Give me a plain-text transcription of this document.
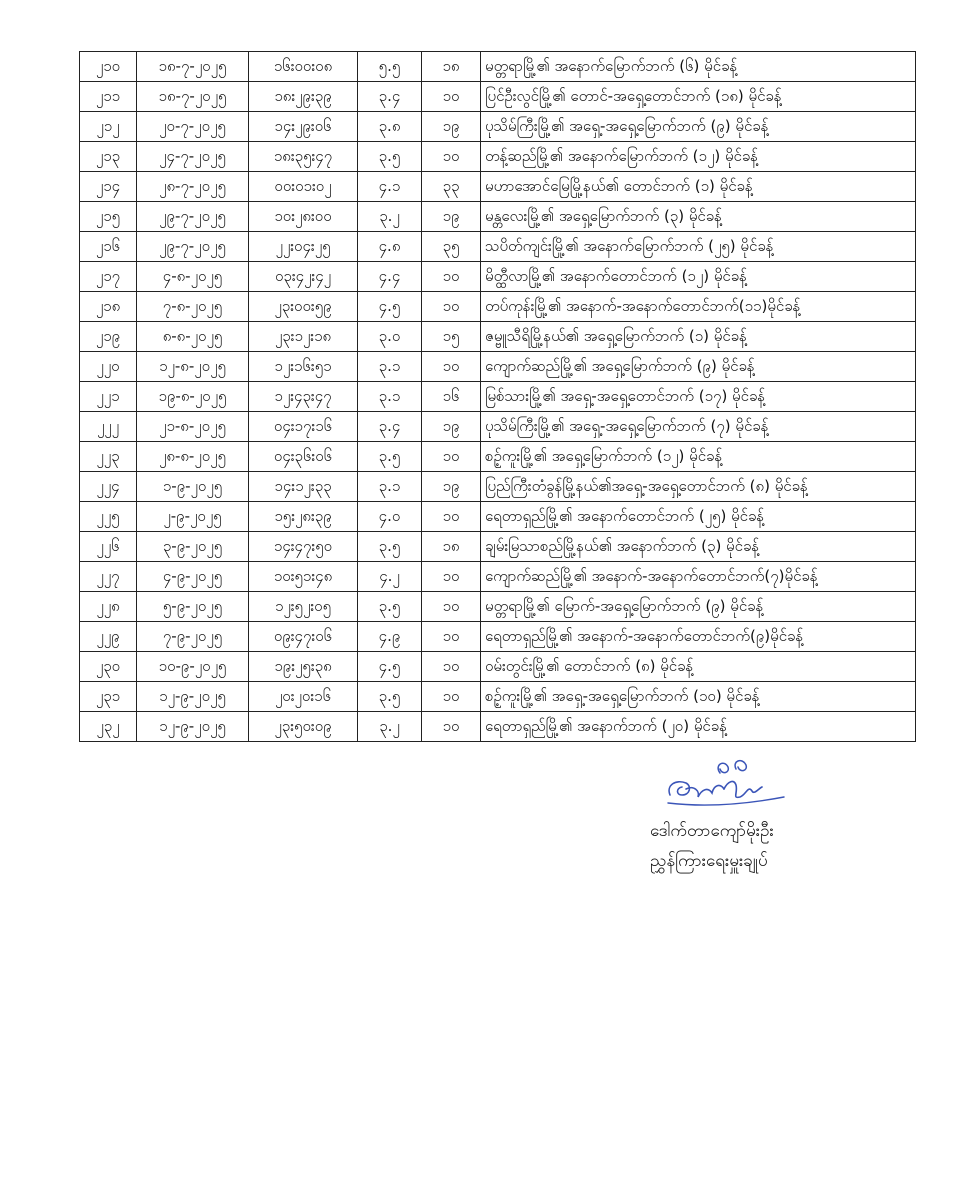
၂၁၀	၁၈-၇-၂၀၂၅	၁၆း၀၀း၀၈	၅.၅	၁၈	မတ္တရာမြို့၏ အနောက်မြောက်ဘက် (၆) မိုင်ခန့်
၂၁၁	၁၈-၇-၂၀၂၅	၁၈း၂၉း၃၉	၃.၄	၁၀	ပြင်ဦးလွင်မြို့၏ တောင်-အရှေ့တောင်ဘက် (၁၈) မိုင်ခန့်
၂၁၂	၂၀-၇-၂၀၂၅	၁၄း၂၉း၀၆	၃.၈	၁၉	ပုသိမ်ကြီးမြို့၏ အရှေ့-အရှေ့မြောက်ဘက် (၉) မိုင်ခန့်
၂၁၃	၂၄-၇-၂၀၂၅	၁၈း၃၅း၄၇	၃.၅	၁၀	တန့်ဆည်မြို့၏ အနောက်မြောက်ဘက် (၁၂) မိုင်ခန့်
၂၁၄	၂၈-၇-၂၀၂၅	၀၀း၀၁း၀၂	၄.၁	၃၃	မဟာအောင်မြေမြို့နယ်၏ တောင်ဘက် (၁) မိုင်ခန့်
၂၁၅	၂၉-၇-၂၀၂၅	၁၀း၂၈း၀၀	၃.၂	၁၉	မန္တလေးမြို့၏ အရှေ့မြောက်ဘက် (၃) မိုင်ခန့်
၂၁၆	၂၉-၇-၂၀၂၅	၂၂း၀၄း၂၅	၄.၈	၃၅	သပိတ်ကျင်းမြို့၏ အနောက်မြောက်ဘက် (၂၅) မိုင်ခန့်
၂၁၇	၄-၈-၂၀၂၅	၀၃း၄၂း၄၂	၄.၄	၁၀	မိတ္ထီလာမြို့၏ အနောက်တောင်ဘက် (၁၂) မိုင်ခန့်
၂၁၈	၇-၈-၂၀၂၅	၂၃း၀၀း၅၉	၄.၅	၁၀	တပ်ကုန်းမြို့၏ အနောက်-အနောက်တောင်ဘက်(၁၁)မိုင်ခန့်
၂၁၉	၈-၈-၂၀၂၅	၂၃း၁၂း၁၈	၃.၀	၁၅	ဇမ္ဗူသီရိမြို့နယ်၏ အရှေ့မြောက်ဘက် (၁) မိုင်ခန့်
၂၂၀	၁၂-၈-၂၀၂၅	၁၂း၁၆း၅၁	၃.၁	၁၀	ကျောက်ဆည်မြို့၏ အရှေ့မြောက်ဘက် (၉) မိုင်ခန့်
၂၂၁	၁၉-၈-၂၀၂၅	၁၂း၄၃း၄၇	၃.၁	၁၆	မြစ်သားမြို့၏ အရှေ့-အရှေ့တောင်ဘက် (၁၇) မိုင်ခန့်
၂၂၂	၂၁-၈-၂၀၂၅	၀၄း၁၇း၁၆	၃.၄	၁၉	ပုသိမ်ကြီးမြို့၏ အရှေ့-အရှေ့မြောက်ဘက် (၇) မိုင်ခန့်
၂၂၃	၂၈-၈-၂၀၂၅	၀၄း၃၆း၀၆	၃.၅	၁၀	စဥ့်ကူးမြို့၏ အရှေ့မြောက်ဘက် (၁၂) မိုင်ခန့်
၂၂၄	၁-၉-၂၀၂၅	၁၄း၁၂း၃၃	၃.၁	၁၉	ပြည်ကြီးတံခွန်မြို့နယ်၏အရှေ့-အရှေ့တောင်ဘက် (၈) မိုင်ခန့်
၂၂၅	၂-၉-၂၀၂၅	၁၅း၂၈း၃၉	၄.၀	၁၀	ရေတာရှည်မြို့၏ အနောက်တောင်ဘက် (၂၅) မိုင်ခန့်
၂၂၆	၃-၉-၂၀၂၅	၁၄း၄၇း၅၀	၃.၅	၁၈	ချမ်းမြသာစည်မြို့နယ်၏ အနောက်ဘက် (၃) မိုင်ခန့်
၂၂၇	၄-၉-၂၀၂၅	၁၀း၅၁း၄၈	၄.၂	၁၀	ကျောက်ဆည်မြို့၏ အနောက်-အနောက်တောင်ဘက်(၇)မိုင်ခန့်
၂၂၈	၅-၉-၂၀၂၅	၁၂း၅၂း၀၅	၃.၅	၁၀	မတ္တရာမြို့၏ မြောက်-အရှေ့မြောက်ဘက် (၉) မိုင်ခန့်
၂၂၉	၇-၉-၂၀၂၅	၀၉း၄၇း၀၆	၄.၉	၁၀	ရေတာရှည်မြို့၏ အနောက်-အနောက်တောင်ဘက်(၉)မိုင်ခန့်
၂၃၀	၁၀-၉-၂၀၂၅	၁၉း၂၅း၃၈	၄.၅	၁၀	ဝမ်းတွင်းမြို့၏ တောင်ဘက် (၈) မိုင်ခန့်
၂၃၁	၁၂-၉-၂၀၂၅	၂၀း၂၀း၁၆	၃.၅	၁၀	စဥ့်ကူးမြို့၏ အရှေ့-အရှေ့မြောက်ဘက် (၁၀) မိုင်ခန့်
၂၃၂	၁၂-၉-၂၀၂၅	၂၃း၅၀း၀၉	၃.၂	၁၀	ရေတာရှည်မြို့၏ အနောက်ဘက် (၂၀) မိုင်ခန့်
ဒေါက်တာကျော်မိုးဦး
ညွှန်ကြားရေးမှူးချုပ်
